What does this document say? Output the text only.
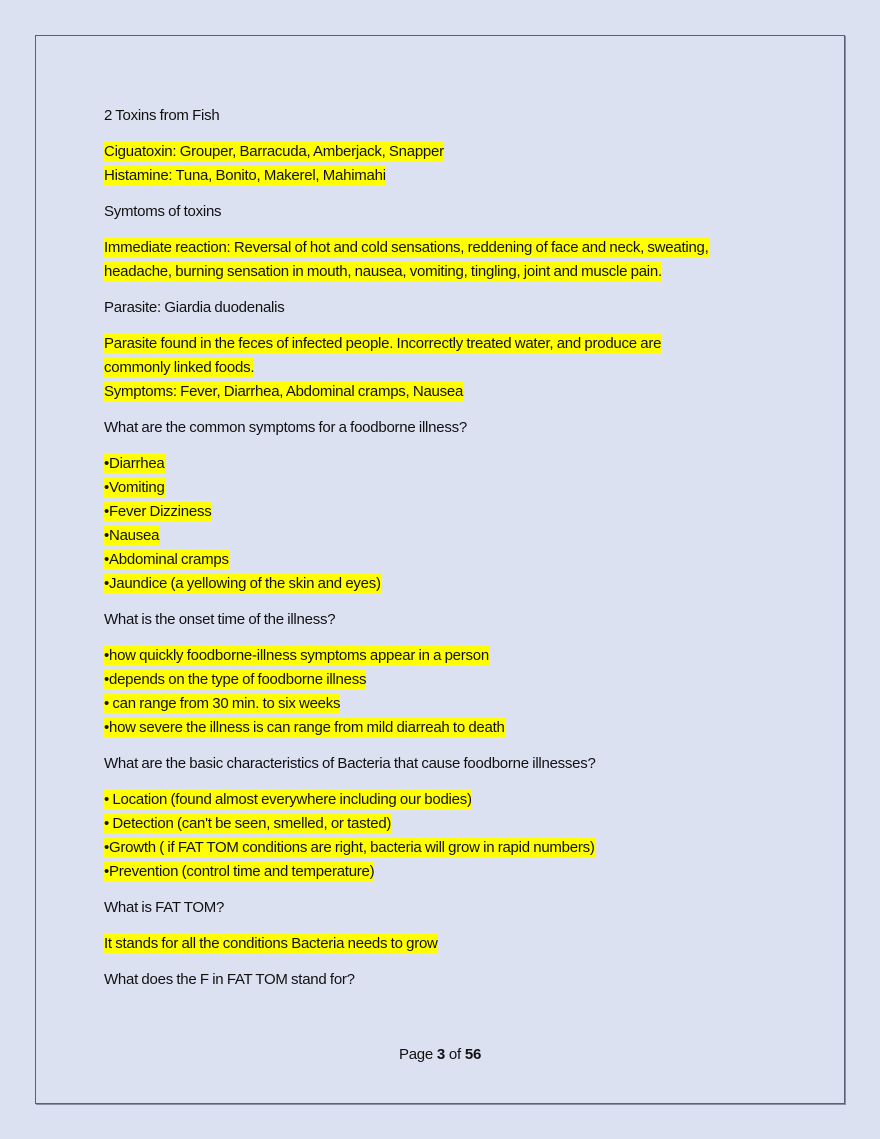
2 Toxins from Fish
Ciguatoxin: Grouper, Barracuda, Amberjack, Snapper
Histamine: Tuna, Bonito, Makerel, Mahimahi
Symtoms of toxins
Immediate reaction: Reversal of hot and cold sensations, reddening of face and neck, sweating,
headache, burning sensation in mouth, nausea, vomiting, tingling, joint and muscle pain.
Parasite: Giardia duodenalis
Parasite found in the feces of infected people. Incorrectly treated water, and produce are
commonly linked foods.
Symptoms: Fever, Diarrhea, Abdominal cramps, Nausea
What are the common symptoms for a foodborne illness?
•Diarrhea
•Vomiting
•Fever Dizziness
•Nausea
•Abdominal cramps
•Jaundice (a yellowing of the skin and eyes)
What is the onset time of the illness?
•how quickly foodborne-illness symptoms appear in a person
•depends on the type of foodborne illness
• can range from 30 min. to six weeks
•how severe the illness is can range from mild diarreah to death
What are the basic characteristics of Bacteria that cause foodborne illnesses?
• Location (found almost everywhere including our bodies)
• Detection (can't be seen, smelled, or tasted)
•Growth ( if FAT TOM conditions are right, bacteria will grow in rapid numbers)
•Prevention (control time and temperature)
What is FAT TOM?
It stands for all the conditions Bacteria needs to grow
What does the F in FAT TOM stand for?
Page 3 of 56
